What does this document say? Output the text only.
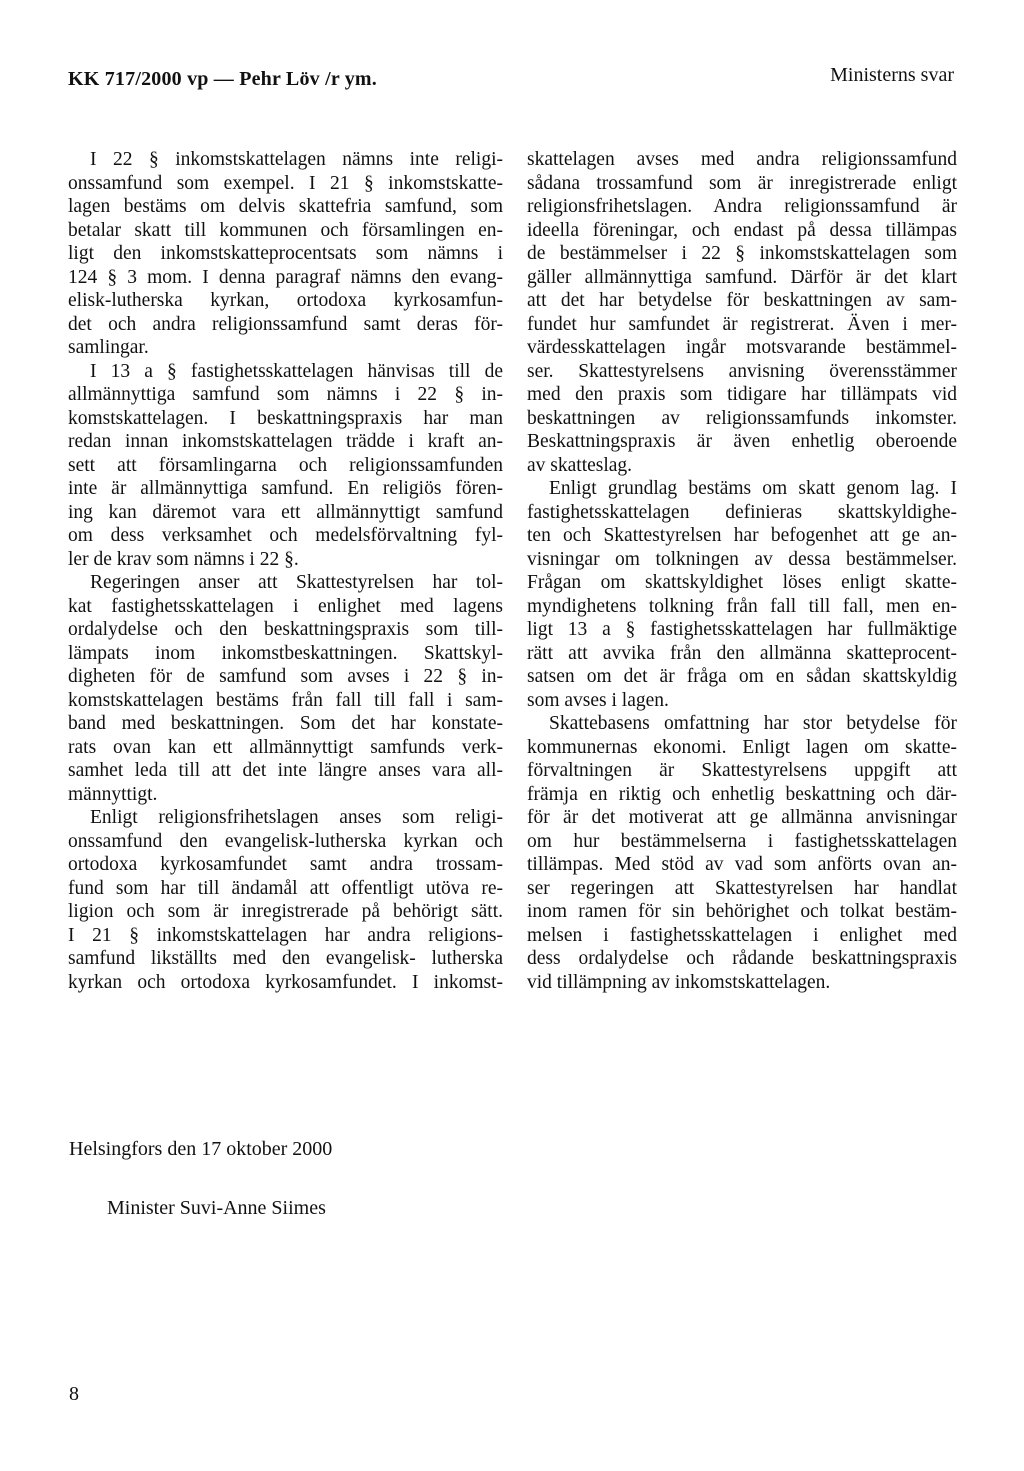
KK 717/2000 vp — Pehr Löv /r ym.	Ministerns svar
I 22 § inkomstskattelagen nämns inte religi-
onssamfund som exempel. I 21 § inkomstskatte-
lagen bestäms om delvis skattefria samfund, som
betalar skatt till kommunen och församlingen en-
ligt den inkomstskatteprocentsats som nämns i
124 § 3 mom. I denna paragraf nämns den evang-
elisk-lutherska kyrkan, ortodoxa kyrkosamfun-
det och andra religionssamfund samt deras för-
samlingar.
I 13 a § fastighetsskattelagen hänvisas till de
allmännyttiga samfund som nämns i 22 § in-
komstskattelagen. I beskattningspraxis har man
redan innan inkomstskattelagen trädde i kraft an-
sett att församlingarna och religionssamfunden
inte är allmännyttiga samfund. En religiös fören-
ing kan däremot vara ett allmännyttigt samfund
om dess verksamhet och medelsförvaltning fyl-
ler de krav som nämns i 22 §.
Regeringen anser att Skattestyrelsen har tol-
kat fastighetsskattelagen i enlighet med lagens
ordalydelse och den beskattningspraxis som till-
lämpats inom inkomstbeskattningen. Skattskyl-
digheten för de samfund som avses i 22 § in-
komstskattelagen bestäms från fall till fall i sam-
band med beskattningen. Som det har konstate-
rats ovan kan ett allmännyttigt samfunds verk-
samhet leda till att det inte längre anses vara all-
männyttigt.
Enligt religionsfrihetslagen anses som religi-
onssamfund den evangelisk-lutherska kyrkan och
ortodoxa kyrkosamfundet samt andra trossam-
fund som har till ändamål att offentligt utöva re-
ligion och som är inregistrerade på behörigt sätt.
I 21 § inkomstskattelagen har andra religions-
samfund likställts med den evangelisk- lutherska
kyrkan och ortodoxa kyrkosamfundet. I inkomst-
skattelagen avses med andra religionssamfund
sådana trossamfund som är inregistrerade enligt
religionsfrihetslagen. Andra religionssamfund är
ideella föreningar, och endast på dessa tillämpas
de bestämmelser i 22 § inkomstskattelagen som
gäller allmännyttiga samfund. Därför är det klart
att det har betydelse för beskattningen av sam-
fundet hur samfundet är registrerat. Även i mer-
värdesskattelagen ingår motsvarande bestämmel-
ser. Skattestyrelsens anvisning överensstämmer
med den praxis som tidigare har tillämpats vid
beskattningen av religionssamfunds inkomster.
Beskattningspraxis är även enhetlig oberoende
av skatteslag.
Enligt grundlag bestäms om skatt genom lag. I
fastighetsskattelagen definieras skattskyldighe-
ten och Skattestyrelsen har befogenhet att ge an-
visningar om tolkningen av dessa bestämmelser.
Frågan om skattskyldighet löses enligt skatte-
myndighetens tolkning från fall till fall, men en-
ligt 13 a § fastighetsskattelagen har fullmäktige
rätt att avvika från den allmänna skatteprocent-
satsen om det är fråga om en sådan skattskyldig
som avses i lagen.
Skattebasens omfattning har stor betydelse för
kommunernas ekonomi. Enligt lagen om skatte-
förvaltningen är Skattestyrelsens uppgift att
främja en riktig och enhetlig beskattning och där-
för är det motiverat att ge allmänna anvisningar
om hur bestämmelserna i fastighetsskattelagen
tillämpas. Med stöd av vad som anförts ovan an-
ser regeringen att Skattestyrelsen har handlat
inom ramen för sin behörighet och tolkat bestäm-
melsen i fastighetsskattelagen i enlighet med
dess ordalydelse och rådande beskattningspraxis
vid tillämpning av inkomstskattelagen.
Helsingfors den 17 oktober 2000
Minister Suvi-Anne Siimes
8
